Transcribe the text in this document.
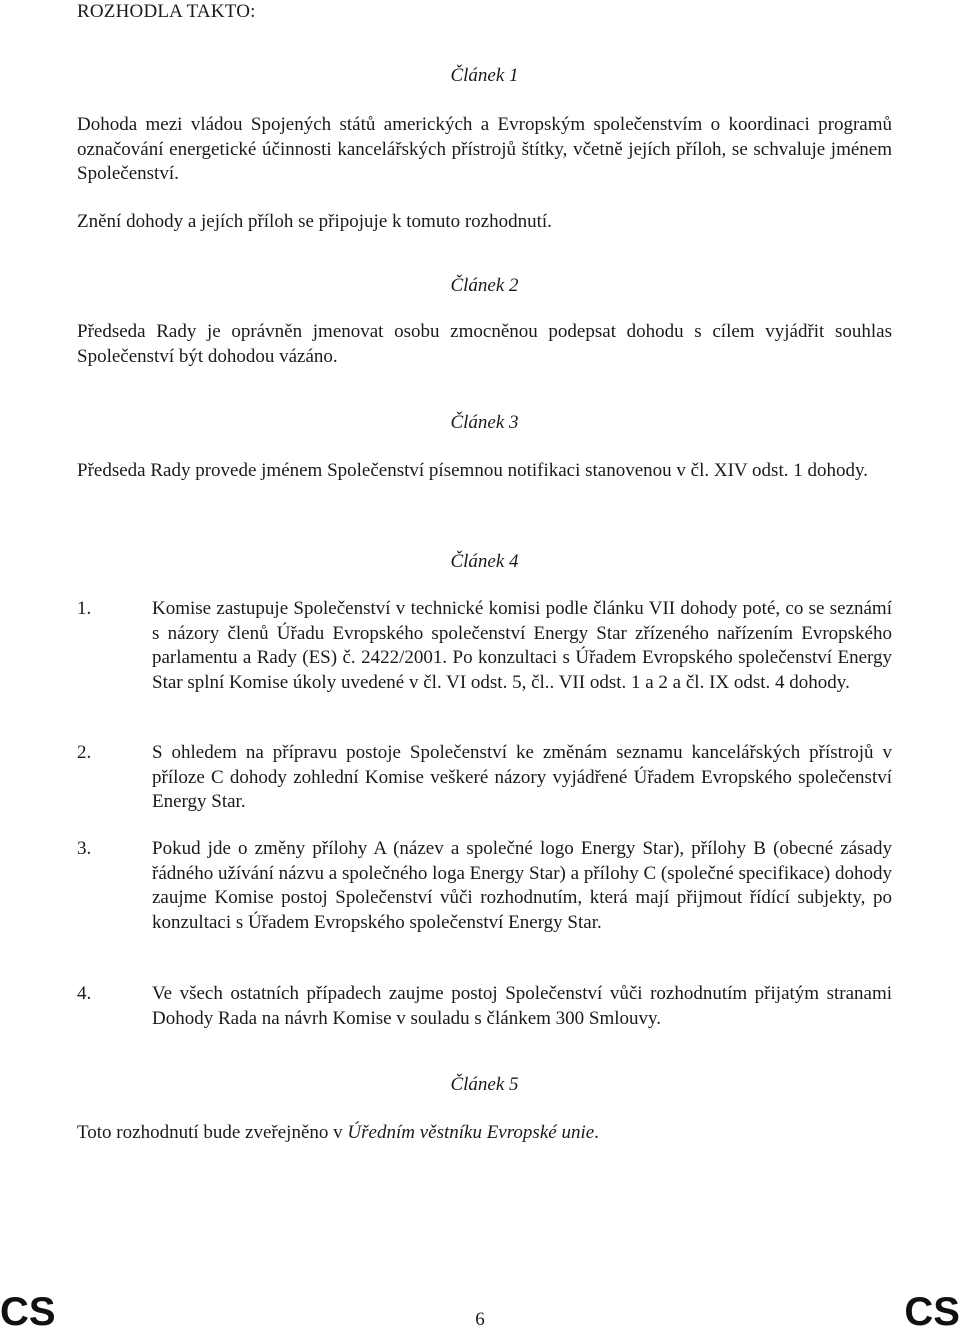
ROZHODLA TAKTO:
Článek 1
Dohoda mezi vládou Spojených států amerických a Evropským společenstvím o koordinaci programů označování energetické účinnosti kancelářských přístrojů štítky, včetně jejích příloh, se schvaluje jménem Společenství.
Znění dohody a jejích příloh se připojuje k tomuto rozhodnutí.
Článek 2
Předseda Rady je oprávněn jmenovat osobu zmocněnou podepsat dohodu s cílem vyjádřit souhlas Společenství být dohodou vázáno.
Článek 3
Předseda Rady provede jménem Společenství písemnou notifikaci stanovenou v čl. XIV odst. 1 dohody.
Článek 4
1.	Komise zastupuje Společenství v technické komisi podle článku VII dohody poté, co se seznámí s názory členů Úřadu Evropského společenství Energy Star zřízeného nařízením Evropského parlamentu a Rady (ES) č. 2422/2001. Po konzultaci s Úřadem Evropského společenství Energy Star splní Komise úkoly uvedené v čl. VI odst. 5, čl.. VII odst. 1 a 2 a čl. IX odst. 4 dohody.
2.	S ohledem na přípravu postoje Společenství ke změnám seznamu kancelářských přístrojů v příloze C dohody zohlední Komise veškeré názory vyjádřené Úřadem Evropského společenství Energy Star.
3.	Pokud jde o změny přílohy A (název a společné logo Energy Star), přílohy B (obecné zásady řádného užívání názvu a společného loga Energy Star) a přílohy C (společné specifikace) dohody zaujme Komise postoj Společenství vůči rozhodnutím, která mají přijmout řídící subjekty, po konzultaci s Úřadem Evropského společenství Energy Star.
4.	Ve všech ostatních případech zaujme postoj Společenství vůči rozhodnutím přijatým stranami Dohody Rada na návrh Komise v souladu s článkem 300 Smlouvy.
Článek 5
Toto rozhodnutí bude zveřejněno v Úředním věstníku Evropské unie.
CS	6	CS
